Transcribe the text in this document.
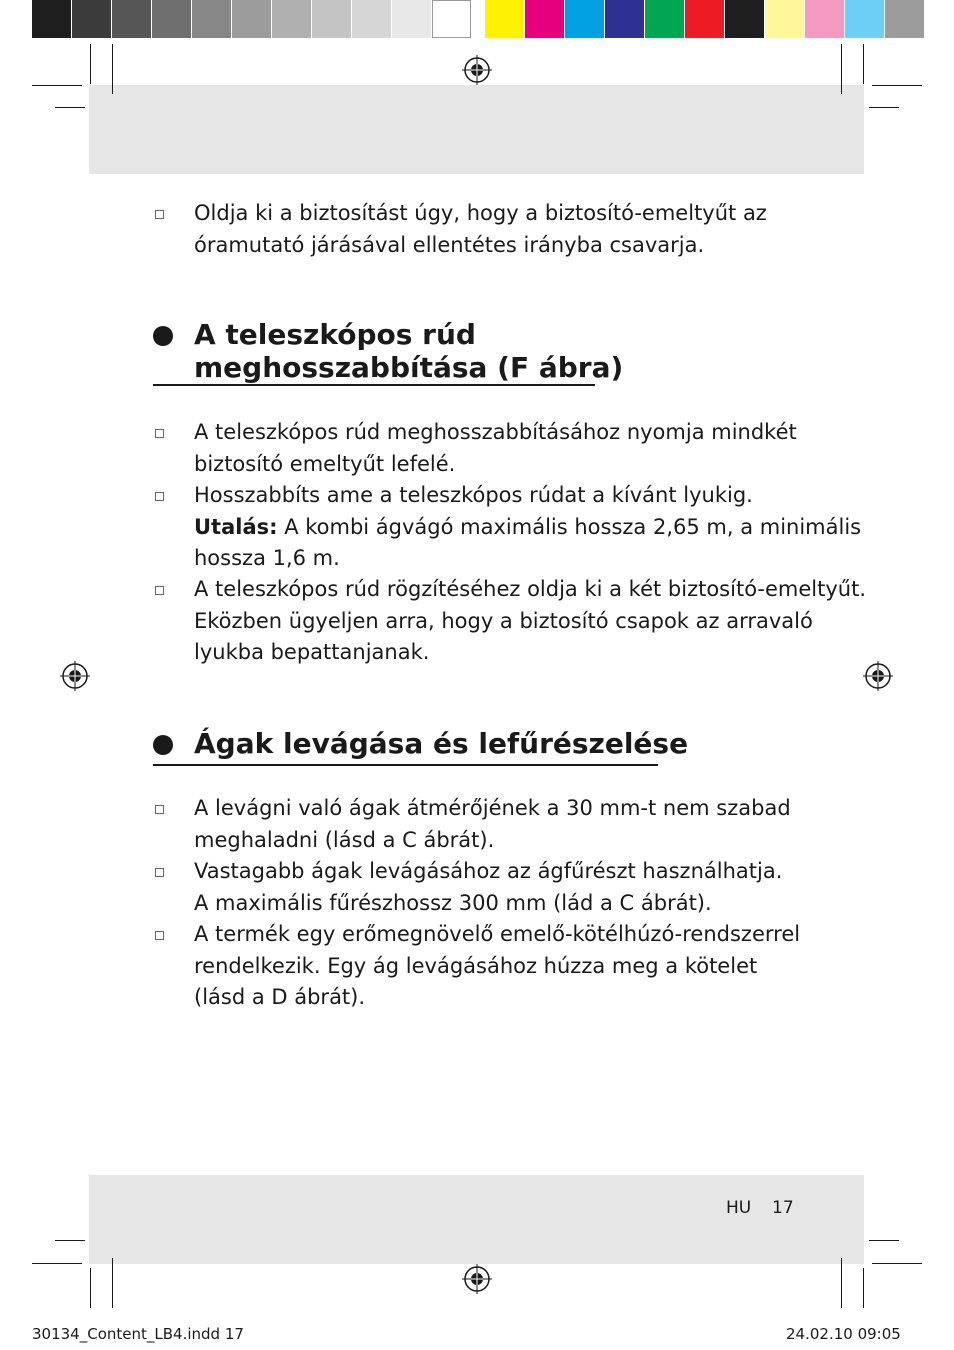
Oldja ki a biztosítást úgy, hogy a biztosító-emeltyűt az
óramutató járásával ellentétes irányba csavarja.
A teleszkópos rúd
meghosszabbítása (F ábra)
A teleszkópos rúd meghosszabbításához nyomja mindkét
biztosító emeltyűt lefelé.
Hosszabbíts ame a teleszkópos rúdat a kívánt lyukig.
Utalás: A kombi ágvágó maximális hossza 2,65 m, a minimális
hossza 1,6 m.
A teleszkópos rúd rögzítéséhez oldja ki a két biztosító-emeltyűt.
Eközben ügyeljen arra, hogy a biztosító csapok az arravaló
lyukba bepattanjanak.
Ágak levágása és lefűrészelése
A levágni való ágak átmérőjének a 30 mm-t nem szabad
meghaladni (lásd a C ábrát).
Vastagabb ágak levágásához az ágfűrészt használhatja.
A maximális fűrészhossz 300 mm (lád a C ábrát).
A termék egy erőmegnövelő emelő-kötélhúzó-rendszerrel
rendelkezik. Egy ág levágásához húzza meg a kötelet
(lásd a D ábrát).
HU 17
30134_Content_LB4.indd 17	24.02.10 09:05
